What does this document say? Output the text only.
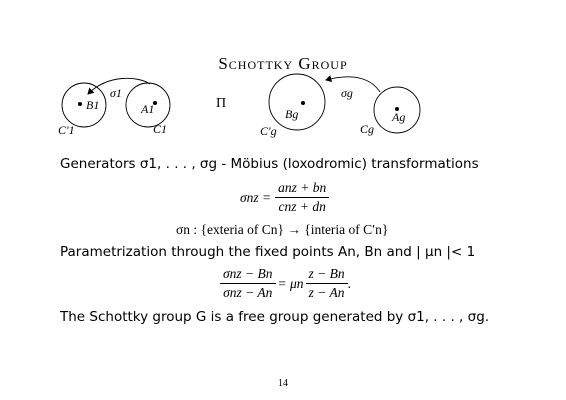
Schottky Group
σ1
B1	A1
C′1	C1
Π
σg
Bg	Ag
C′g	Cg
Generators σ1, . . . , σg - Möbius (loxodromic) transformations
$\sigma nz = \frac{\text{anz + bn}}{\text{cnz + dn}}$
σn : {exteria of Cn} → {interia of C′n}
Parametrization through the fixed points An, Bn and | μn |< 1
$\frac{\text{σnz − Bn}}{\text{σnz − An}} = \mu n \frac{z - Bn}{z - An}$ .
The Schottky group G is a free group generated by σ1, . . . , σg.
14
